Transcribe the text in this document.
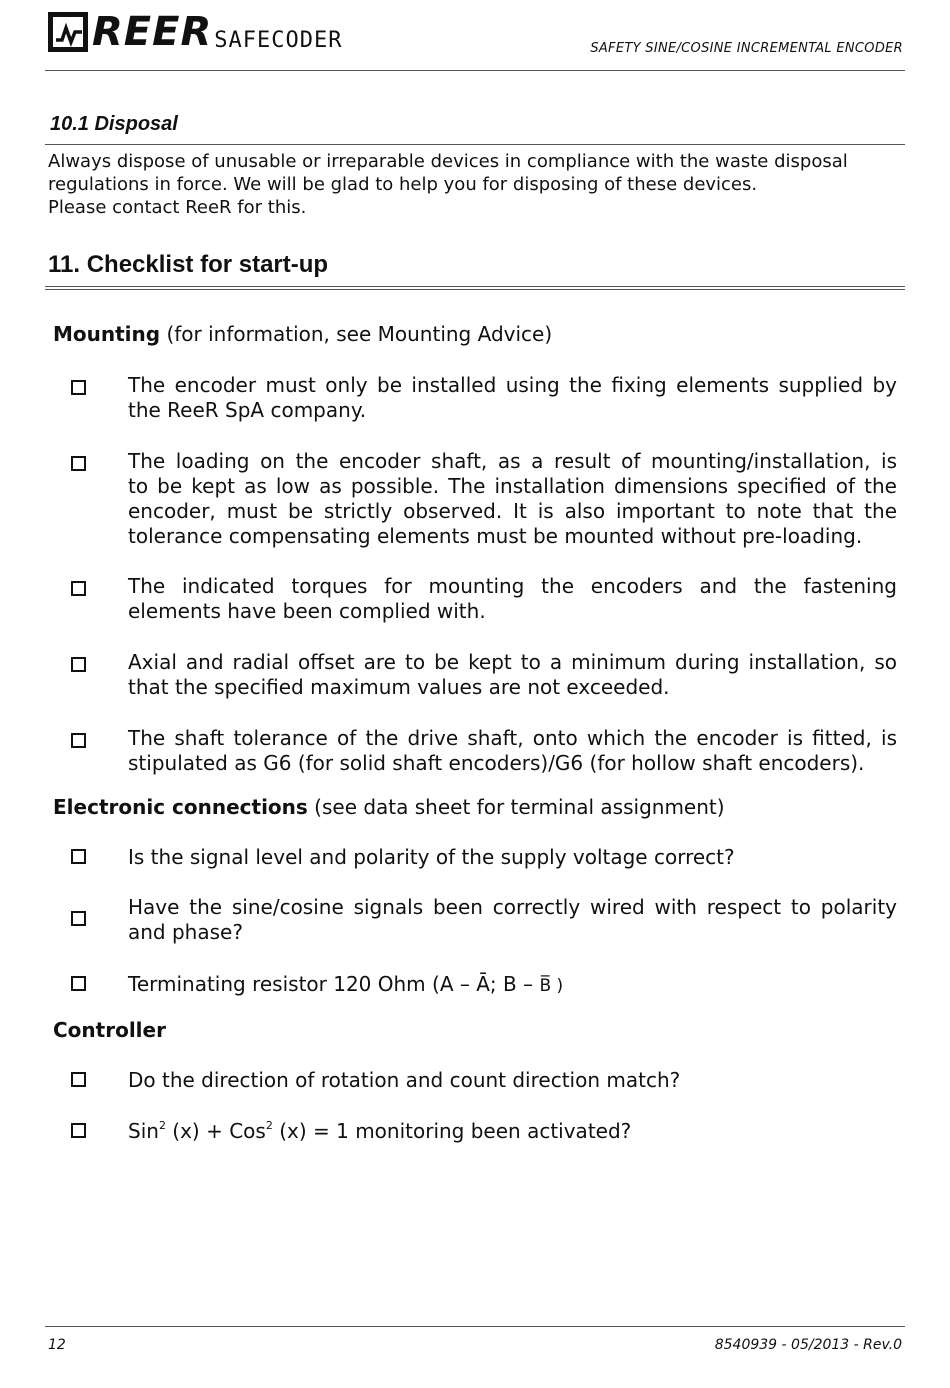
REER SAFECODER	SAFETY SINE/COSINE INCREMENTAL ENCODER
10.1 Disposal
Always dispose of unusable or irreparable devices in compliance with the waste disposal
regulations in force. We will be glad to help you for disposing of these devices.
Please contact ReeR for this.
11. Checklist for start-up
Mounting (for information, see Mounting Advice)
The encoder must only be installed using the fixing elements supplied by
the ReeR SpA company.
The loading on the encoder shaft, as a result of mounting/installation, is
to be kept as low as possible. The installation dimensions specified of the
encoder, must be strictly observed. It is also important to note that the
tolerance compensating elements must be mounted without pre-loading.
The indicated torques for mounting the encoders and the fastening
elements have been complied with.
Axial and radial offset are to be kept to a minimum during installation, so
that the specified maximum values are not exceeded.
The shaft tolerance of the drive shaft, onto which the encoder is fitted, is
stipulated as G6 (for solid shaft encoders)/G6 (for hollow shaft encoders).
Electronic connections (see data sheet for terminal assignment)
Is the signal level and polarity of the supply voltage correct?
Have the sine/cosine signals been correctly wired with respect to polarity
and phase?
Terminating resistor 120 Ohm (A – Ā; B – B̅ )
Controller
Do the direction of rotation and count direction match?
Sin$^2$ (x) + Cos$^2$ (x) = 1 monitoring been activated?
12	8540939 - 05/2013 - Rev.0
